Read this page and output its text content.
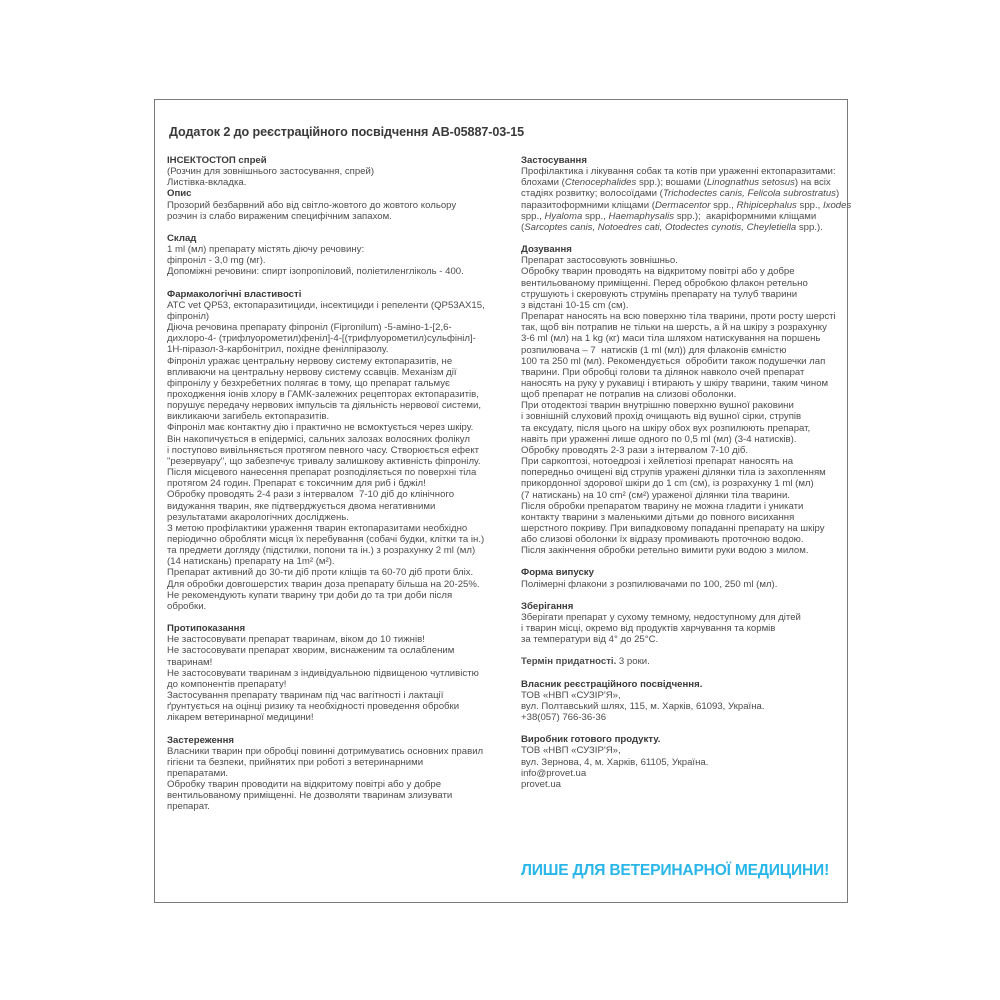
Додаток 2 до реєстраційного посвідчення АВ-05887-03-15
ІНСЕКТОСТОП спрей

(Розчин для зовнішнього застосування, спрей)

Листівка-вкладка.

Опис

Прозорий безбарвний або від світло-жовтого до жовтого кольору

розчин із слабо вираженим специфічним запахом.

Склад

1 ml (мл) препарату містять діючу речовину:

фіпроніл - 3,0 mg (мг).

Допоміжні речовини: спирт ізопропіловий, поліетиленгліколь - 400.

Фармакологічні властивості

ATC vet QP53, ектопаразитициди, інсектициди і репеленти (QP53AX15,

фіпроніл)

Діюча речовина препарату фіпроніл (Fipronilum) -5-аміно-1-[2,6-

дихлоро-4- (трифлуорометил)феніл]-4-[(трифлуорометил)сульфініл]-

1Н-піразол-3-карбонітрил, похідне фенілпіразолу.

Фіпроніл уражає центральну нервову систему ектопаразитів, не

впливаючи на центральну нервову систему ссавців. Механізм дії

фіпронілу у безхребетних полягає в тому, що препарат гальмує

проходження іонів хлору в ГАМК-залежних рецепторах ектопаразитів,

порушує передачу нервових імпульсів та діяльність нервової системи,

викликаючи загибель ектопаразитів.

Фіпроніл має контактну дію і практично не всмоктується через шкіру.

Він накопичується в епідермісі, сальних залозах волосяних фолікул

і поступово вивільняється протягом певного часу. Створюється ефект

"резервуару", що забезпечує тривалу залишкову активність фіпронілу.

Після місцевого нанесення препарат розподіляється по поверхні тіла

протягом 24 годин. Препарат є токсичним для риб і бджіл!

Обробку проводять 2-4 рази з інтервалом  7-10 діб до клінічного

видужання тварин, яке підтверджується двома негативними

результатами акарологічних досліджень.

З метою профілактики ураження тварин ектопаразитами необхідно

періодично обробляти місця їх перебування (собачі будки, клітки та ін.)

та предмети догляду (підстилки, попони та ін.) з розрахунку 2 ml (мл)

(14 натискань) препарату на 1m² (м²).

Препарат активний до 30-ти діб проти кліщів та 60-70 діб проти бліх.

Для обробки довгошерстих тварин доза препарату більша на 20-25%.

Не рекомендують купати тварину три доби до та три доби після

обробки.

Протипоказання

Не застосовувати препарат тваринам, віком до 10 тижнів!

Не застосовувати препарат хворим, виснаженим та ослабленим

тваринам!

Не застосовувати тваринам з індивідуальною підвищеною чутливістю

до компонентів препарату!

Застосування препарату тваринам під час вагітності і лактації

ґрунтується на оцінці ризику та необхідності проведення обробки

лікарем ветеринарної медицини!

Застереження

Власники тварин при обробці повинні дотримуватись основних правил

гігієни та безпеки, прийнятих при роботі з ветеринарними

препаратами.

Обробку тварин проводити на відкритому повітрі або у добре

вентильованому приміщенні. Не дозволяти тваринам злизувати

препарат.

Застосування

Профілактика і лікування собак та котів при ураженні ектопаразитами:

блохами (Ctenocephalides spp.); вошами (Linognathus setosus) на всіх

стадіях розвитку; волосоїдами (Trichodectes canis, Felicola subrostratus)

паразитоформними кліщами (Dermacentor spp., Rhipicephalus spp., Ixodes

spp., Hyaloma spp., Haemaphysalis spp.);  акарiформними кліщами

(Sarcoptes canis, Notoedres cati, Otodectes cynotis, Cheyletiella spp.).

Дозування

Препарат застосовують зовнішньо.

Обробку тварин проводять на відкритому повітрі або у добре

вентильованому приміщенні. Перед обробкою флакон ретельно

струшують і скеровують струмінь препарату на тулуб тварини

з відстані 10-15 cm (см).

Препарат наносять на всю поверхню тіла тварини, проти росту шерсті

так, щоб він потрапив не тільки на шерсть, а й на шкіру з розрахунку

3-6 ml (мл) на 1 kg (кг) маси тіла шляхом натискування на поршень

розпилювача – 7  натисків (1 ml (мл)) для флаконів ємністю

100 та 250 ml (мл). Рекомендується  обробити також подушечки лап

тварини. При обробці голови та ділянок навколо очей препарат

наносять на руку у рукавиці і втирають у шкіру тварини, таким чином

щоб препарат не потрапив на слизові оболонки.

При отодектозі тварин внутрішню поверхню вушної раковини

і зовнішній слуховий прохід очищають від вушної сірки, струпів

та ексудату, після цього на шкіру обох вух розпилюють препарат,

навіть при ураженні лише одного по 0,5 ml (мл) (3-4 натисків).

Обробку проводять 2-3 рази з інтервалом 7-10 діб.

При саркоптозі, нотоедрозі і хейлетіозі препарат наносять на

попередньо очищені від струпів уражені ділянки тіла із захопленням

прикордонної здорової шкіри до 1 cm (см), із розрахунку 1 ml (мл)

(7 натискань) на 10 cm² (см²) ураженої ділянки тіла тварини.

Після обробки препаратом тварину не можна гладити і уникати

контакту тварини з маленькими дітьми до повного висихання

шерстного покриву. При випадковому попаданні препарату на шкіру

або слизові оболонки їх відразу промивають проточною водою.

Після закінчення обробки ретельно вимити руки водою з милом.

Форма випуску

Полімерні флакони з розпилювачами по 100, 250 ml (мл).

Зберігання

Зберігати препарат у сухому темному, недоступному для дітей

і тварин місці, окремо від продуктів харчування та кормів

за температури від 4° до 25°С.

Термін придатності. 3 роки.

Власник реєстраційного посвідчення.

ТОВ «НВП «СУЗІР'Я»,

вул. Полтавський шлях, 115, м. Харків, 61093, Україна.

+38(057) 766-36-36

Виробник готового продукту.

ТОВ «НВП «СУЗІР'Я»,

вул. Зернова, 4, м. Харків, 61105, Україна.

info@provet.ua

provet.ua

ЛИШЕ ДЛЯ ВЕТЕРИНАРНОЇ МЕДИЦИНИ!
